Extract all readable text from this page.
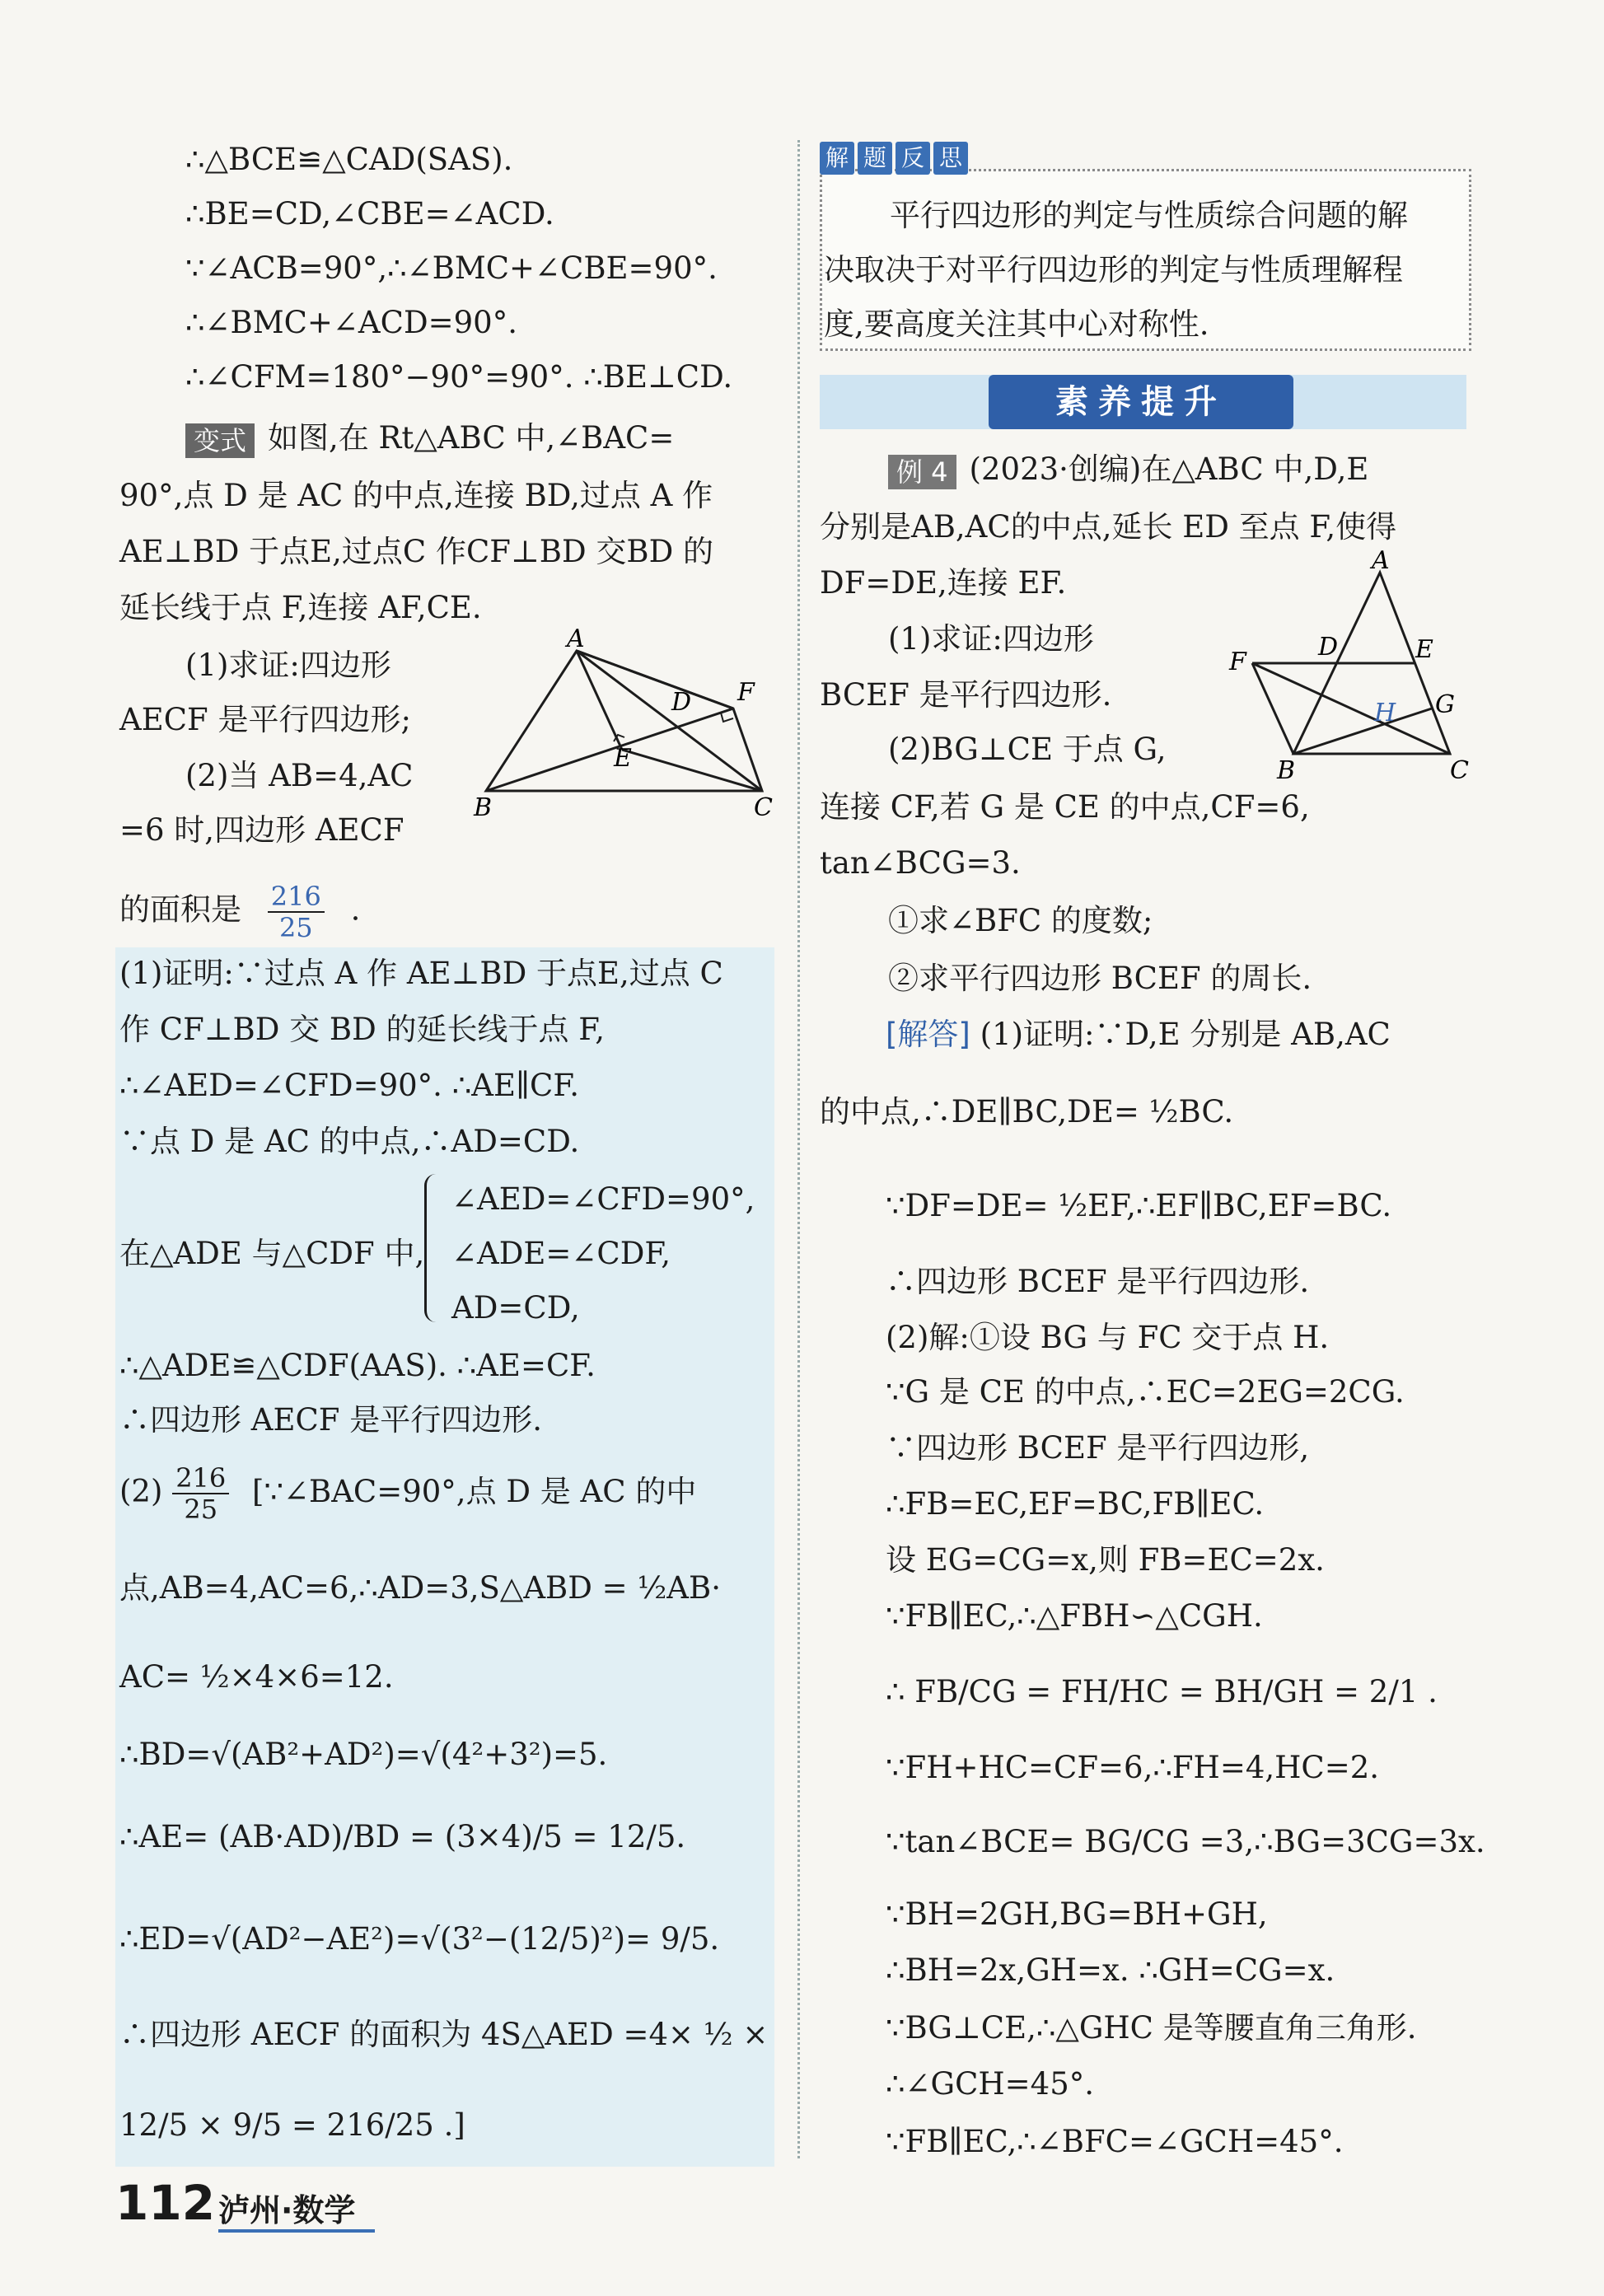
∴△BCE≌△CAD(SAS).
∴BE=CD,∠CBE=∠ACD.
∵∠ACB=90°,∴∠BMC+∠CBE=90°.
∴∠BMC+∠ACD=90°.
∴∠CFM=180°−90°=90°. ∴BE⊥CD.
变式 如图,在 Rt△ABC 中,∠BAC=
90°,点 D 是 AC 的中点,连接 BD,过点 A 作
AE⊥BD 于点E,过点C 作CF⊥BD 交BD 的
延长线于点 F,连接 AF,CE.
(1)求证:四边形
AECF 是平行四边形;
(2)当 AB=4,AC
=6 时,四边形 AECF
的面积是 $\frac{216}{25}$ .
A
B	C
D
E
F
(1)证明:∵过点 A 作 AE⊥BD 于点E,过点 C
作 CF⊥BD 交 BD 的延长线于点 F,
∴∠AED=∠CFD=90°. ∴AE∥CF.
∵点 D 是 AC 的中点,∴AD=CD.
在△ADE 与△CDF 中,
∠AED=∠CFD=90°,
∠ADE=∠CDF,
AD=CD,
∴△ADE≌△CDF(AAS). ∴AE=CF.
∴四边形 AECF 是平行四边形.
$(2) \frac{216}{25}$ [∵∠BAC=90°,点 D 是 AC 的中
点,AB=4,AC=6,∴AD=3,S△ABD = ½AB·
AC= ½×4×6=12.
∴BD=√(AB²+AD²)=√(4²+3²)=5.
∴AE= (AB·AD)/BD = (3×4)/5 = 12/5.
∴ED=√(AD²−AE²)=√(3²−(12/5)²)= 9/5.
∴四边形 AECF 的面积为 4S△AED =4× ½ ×
12/5 × 9/5 = 216/25 .]
解 题 反 思
平行四边形的判定与性质综合问题的解
决取决于对平行四边形的判定与性质理解程
度,要高度关注其中心对称性.
素养提升
例 4 (2023·创编)在△ABC 中,D,E
分别是AB,AC的中点,延长 ED 至点 F,使得
DF=DE,连接 EF.
(1)求证:四边形
BCEF 是平行四边形.
(2)BG⊥CE 于点 G,
连接 CF,若 G 是 CE 的中点,CF=6,
tan∠BCG=3.
①求∠BFC 的度数;
②求平行四边形 BCEF 的周长.
A
B	C
D	E
F
G
H
[解答] (1)证明:∵D,E 分别是 AB,AC
的中点,∴DE∥BC,DE= ½BC.
∵DF=DE= ½EF,∴EF∥BC,EF=BC.
∴四边形 BCEF 是平行四边形.
(2)解:①设 BG 与 FC 交于点 H.
∵G 是 CE 的中点,∴EC=2EG=2CG.
∵四边形 BCEF 是平行四边形,
∴FB=EC,EF=BC,FB∥EC.
设 EG=CG=x,则 FB=EC=2x.
∵FB∥EC,∴△FBH∽△CGH.
∴ FB/CG = FH/HC = BH/GH = 2/1 .
∵FH+HC=CF=6,∴FH=4,HC=2.
∵tan∠BCE= BG/CG =3,∴BG=3CG=3x.
∵BH=2GH,BG=BH+GH,
∴BH=2x,GH=x. ∴GH=CG=x.
∵BG⊥CE,∴△GHC 是等腰直角三角形.
∴∠GCH=45°.
∵FB∥EC,∴∠BFC=∠GCH=45°.
112 泸州·数学
